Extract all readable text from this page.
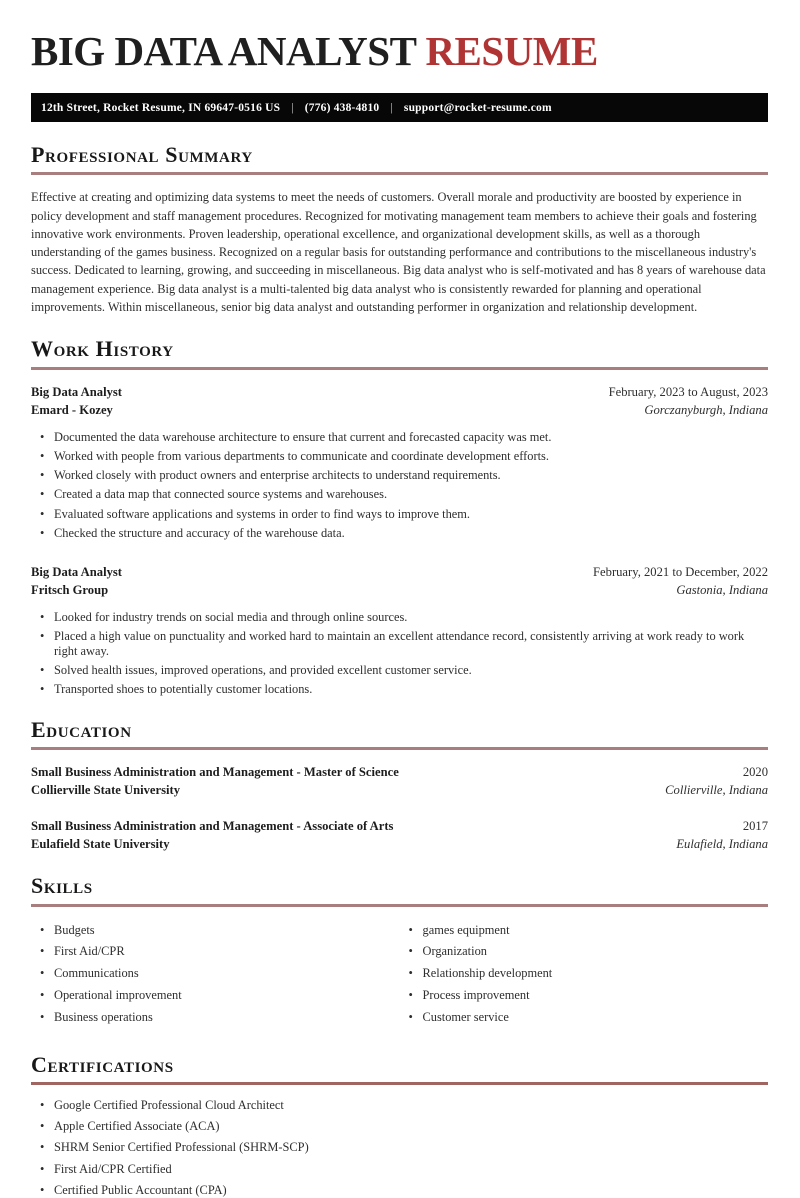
BIG DATA ANALYST RESUME
12th Street, Rocket Resume, IN 69647-0516 US | (776) 438-4810 | support@rocket-resume.com
Professional Summary

Effective at creating and optimizing data systems to meet the needs of customers. Overall morale and productivity are boosted by experience in policy development and staff management procedures. Recognized for motivating management team members to achieve their goals and fostering innovative work environments. Proven leadership, operational excellence, and organizational development skills, as well as a thorough understanding of the games business. Recognized on a regular basis for outstanding performance and contributions to the miscellaneous industry's success. Dedicated to learning, growing, and succeeding in miscellaneous. Big data analyst who is self-motivated and has 8 years of warehouse data management experience. Big data analyst is a multi-talented big data analyst who is consistently rewarded for planning and operational improvements. Within miscellaneous, senior big data analyst and outstanding performer in organization and relationship development.

Work History
Big Data Analyst	February, 2023 to August, 2023
Emard - Kozey	Gorczanyburgh, Indiana
• Documented the data warehouse architecture to ensure that current and forecasted capacity was met.
• Worked with people from various departments to communicate and coordinate development efforts.
• Worked closely with product owners and enterprise architects to understand requirements.
• Created a data map that connected source systems and warehouses.
• Evaluated software applications and systems in order to find ways to improve them.
• Checked the structure and accuracy of the warehouse data.
Big Data Analyst	February, 2021 to December, 2022
Fritsch Group	Gastonia, Indiana
• Looked for industry trends on social media and through online sources.
• Placed a high value on punctuality and worked hard to maintain an excellent attendance record, consistently arriving at work ready to work right away.
• Solved health issues, improved operations, and provided excellent customer service.
• Transported shoes to potentially customer locations.
Education
Small Business Administration and Management - Master of Science	2020
Collierville State University	Collierville, Indiana
Small Business Administration and Management - Associate of Arts	2017
Eulafield State University	Eulafield, Indiana
Skills
• Budgets
• First Aid/CPR
• Communications
• Operational improvement
• Business operations
• games equipment
• Organization
• Relationship development
• Process improvement
• Customer service
Certifications
• Google Certified Professional Cloud Architect
• Apple Certified Associate (ACA)
• SHRM Senior Certified Professional (SHRM-SCP)
• First Aid/CPR Certified
• Certified Public Accountant (CPA)
